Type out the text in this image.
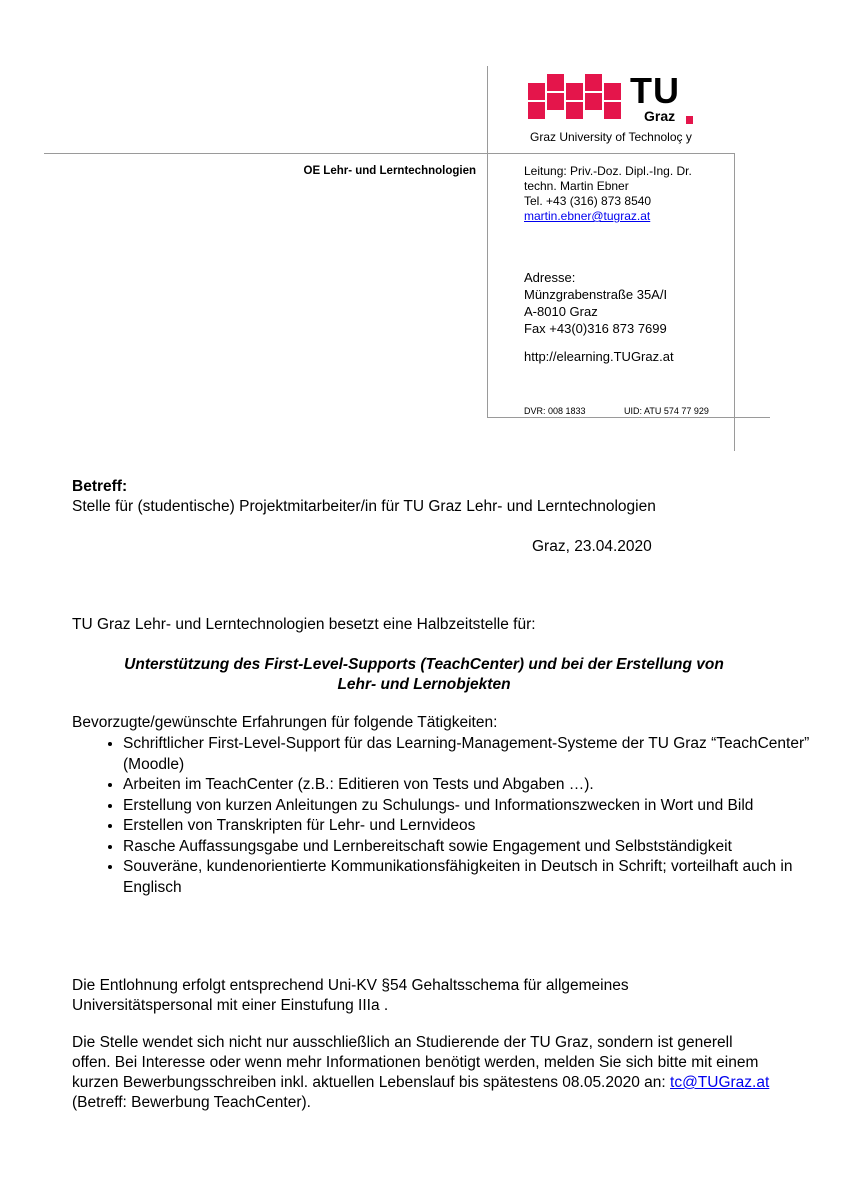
TU
Graz
Graz University of Technoloç y
OE Lehr- und Lerntechnologien	Leitung: Priv.-Doz. Dipl.-Ing. Dr.
techn. Martin Ebner
Tel. +43 (316) 873 8540
martin.ebner@tugraz.at
Adresse:
Münzgrabenstraße 35A/I
A-8010 Graz
Fax +43(0)316 873 7699
http://elearning.TUGraz.at
DVR: 008 1833	UID: ATU 574 77 929
Betreff:
Stelle für (studentische) Projektmitarbeiter/in für TU Graz Lehr- und Lerntechnologien
Graz, 23.04.2020
TU Graz Lehr- und Lerntechnologien besetzt eine Halbzeitstelle für:
Unterstützung des First-Level-Supports (TeachCenter) und bei der Erstellung von
Lehr- und Lernobjekten
Bevorzugte/gewünschte Erfahrungen für folgende Tätigkeiten:
• Schriftlicher First-Level-Support für das Learning-Management-Systeme der TU Graz “TeachCenter” (Moodle)
• Arbeiten im TeachCenter (z.B.: Editieren von Tests und Abgaben …).
• Erstellung von kurzen Anleitungen zu Schulungs- und Informationszwecken in Wort und Bild
• Erstellen von Transkripten für Lehr- und Lernvideos
• Rasche Auffassungsgabe und Lernbereitschaft sowie Engagement und Selbstständigkeit
• Souveräne, kundenorientierte Kommunikationsfähigkeiten in Deutsch in Schrift; vorteilhaft auch in Englisch
Die Entlohnung erfolgt entsprechend Uni-KV §54 Gehaltsschema für allgemeines Universitätspersonal mit einer Einstufung IIIa .
Die Stelle wendet sich nicht nur ausschließlich an Studierende der TU Graz, sondern ist generell offen. Bei Interesse oder wenn mehr Informationen benötigt werden, melden Sie sich bitte mit einem kurzen Bewerbungsschreiben inkl. aktuellen Lebenslauf bis spätestens 08.05.2020 an: tc@TUGraz.at (Betreff: Bewerbung TeachCenter).
